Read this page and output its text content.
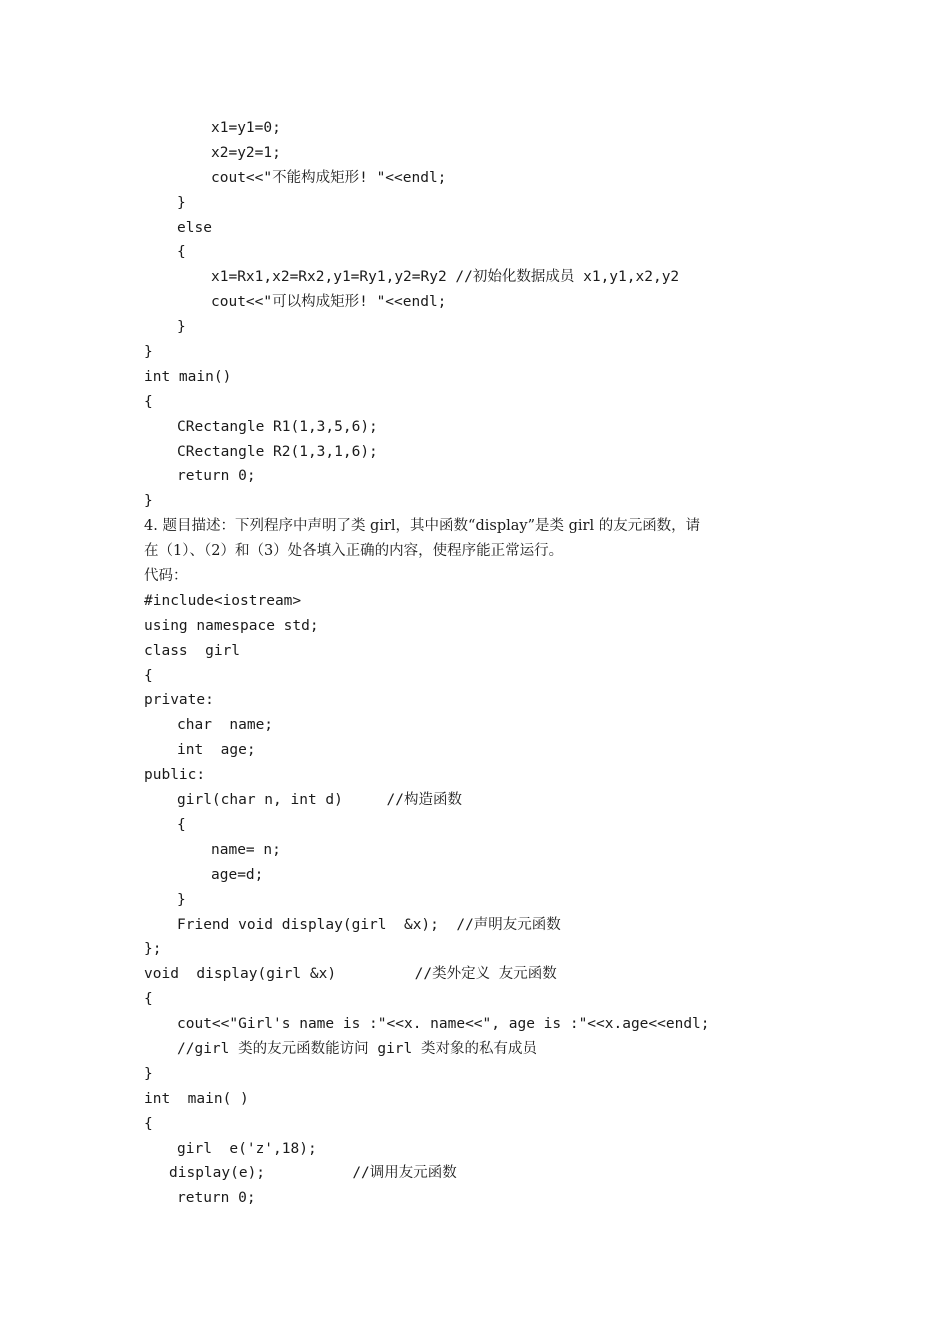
x1=y1=0;
x2=y2=1;
cout<<"不能构成矩形! "<<endl;
}
else
{
x1=Rx1,x2=Rx2,y1=Ry1,y2=Ry2 //初始化数据成员 x1,y1,x2,y2
cout<<"可以构成矩形! "<<endl;
}
}
int main()
{
CRectangle R1(1,3,5,6);
CRectangle R2(1,3,1,6);
return 0;
}
4. 题目描述：下列程序中声明了类 girl，其中函数“display”是类 girl 的友元函数，请
在（1）、（2）和（3）处各填入正确的内容，使程序能正常运行。
代码：
#include<iostream>
using namespace std;
class  girl
{
private:
char  name;
int  age;
public:
girl(char n, int d)     //构造函数
{
name= n;
age=d;
}
Friend void display(girl  &x);  //声明友元函数
};
void  display(girl &x)         //类外定义 友元函数
{
cout<<"Girl's name is :"<<x. name<<", age is :"<<x.age<<endl;
//girl 类的友元函数能访问 girl 类对象的私有成员
}
int  main( )
{
girl  e('z',18);
display(e);          //调用友元函数
return 0;
